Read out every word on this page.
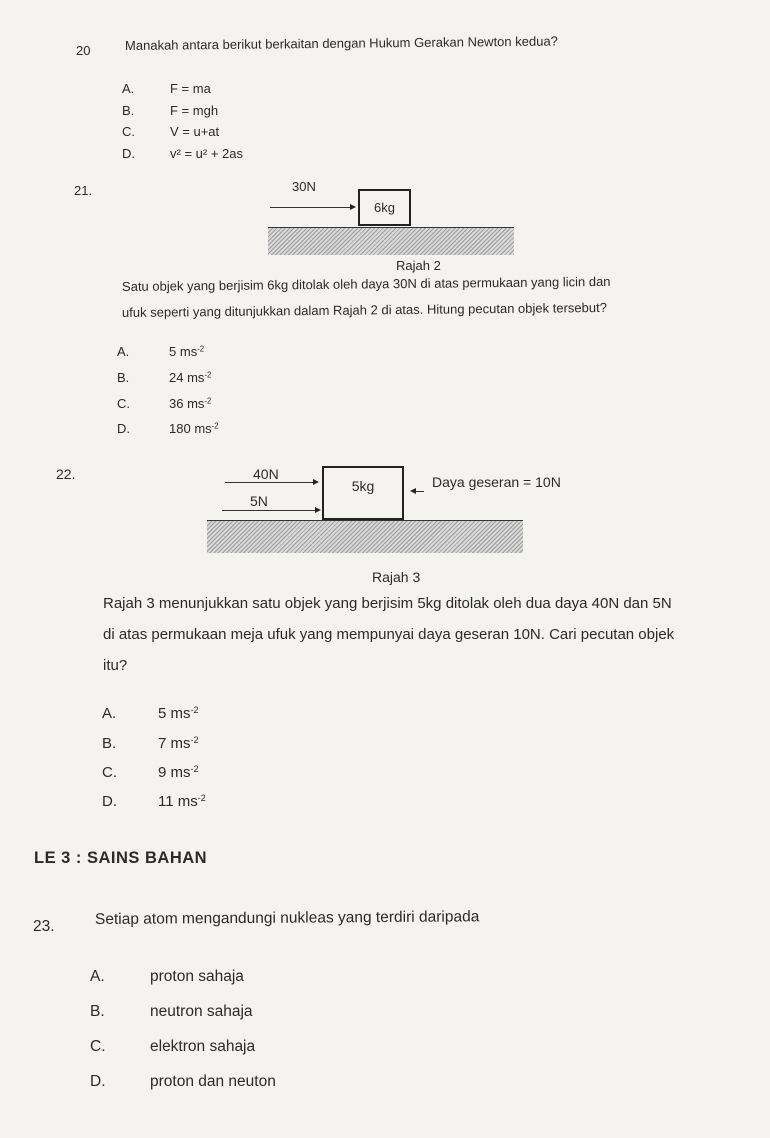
20	Manakah antara berikut berkaitan dengan Hukum Gerakan Newton kedua?
A.	F = ma
B.	F = mgh
C.	V = u+at
D.	v² = u² + 2as
21.	30N
6kg
Rajah 2
Satu objek yang berjisim 6kg ditolak oleh daya 30N di atas permukaan yang licin dan
ufuk seperti yang ditunjukkan dalam Rajah 2 di atas. Hitung pecutan objek tersebut?
A.	5 $ms^{-2}$
B.	24 $ms^{-2}$
C.	36 $ms^{-2}$
D.	180 $ms^{-2}$
22.	40N
5N
5kg	Daya geseran = 10N
Rajah 3
Rajah 3 menunjukkan satu objek yang berjisim 5kg ditolak oleh dua daya 40N dan 5N
di atas permukaan meja ufuk yang mempunyai daya geseran 10N. Cari pecutan objek
itu?
A.	5 $ms^{-2}$
B.	7 $ms^{-2}$
C.	9 $ms^{-2}$
D.	11 $ms^{-2}$
LE 3 : SAINS BAHAN
23.	Setiap atom mengandungi nukleas yang terdiri daripada
A.	proton sahaja
B.	neutron sahaja
C.	elektron sahaja
D.	proton dan neuton
